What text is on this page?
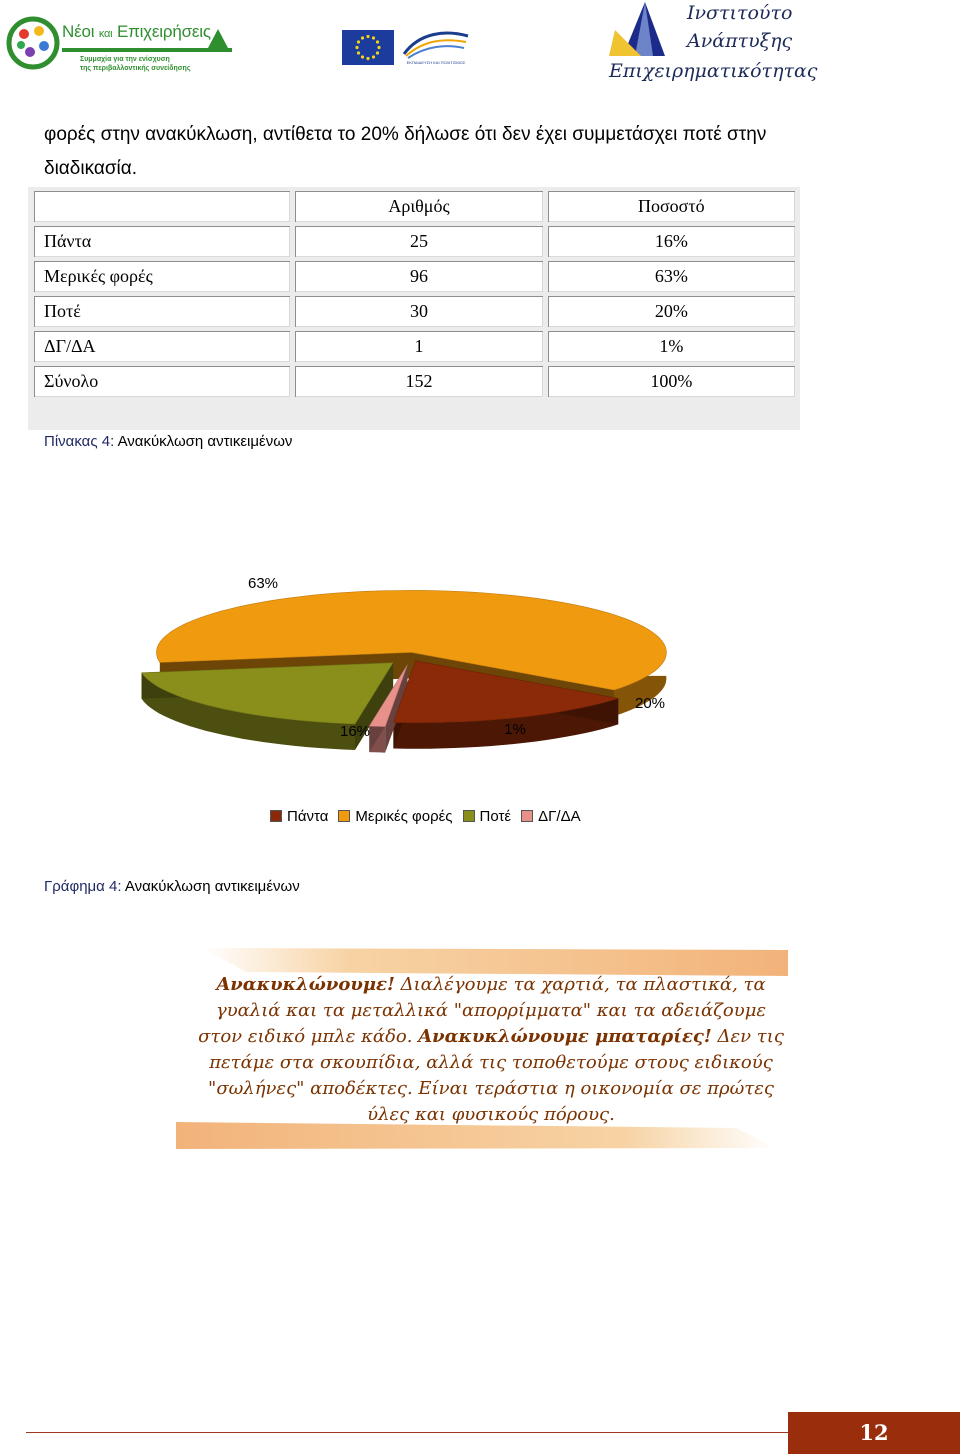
Νέοι και Επιχειρήσεις
Συμμαχία για την ενίσχυση
της περιβαλλοντικής συνείδησης
ΕΚΠΑΙΔΕΥΣΗ ΚΑΙ ΠΟΛΙΤΙΣΜΟΣ
Ινστιτούτο
Ανάπτυξης
Επιχειρηματικότητας
φορές στην ανακύκλωση, αντίθετα το 20% δήλωσε ότι δεν έχει συμμετάσχει ποτέ στην διαδικασία.
	Αριθμός	Ποσοστό
Πάντα	25	16%
Μερικές φορές	96	63%
Ποτέ	30	20%
ΔΓ/ΔΑ	1	1%
Σύνολο	152	100%
Πίνακας 4: Ανακύκλωση αντικειμένων
16%
63%
20%
1%
Πάντα Μερικές φορές Ποτέ ΔΓ/ΔΑ
Γράφημα 4: Ανακύκλωση αντικειμένων
Ανακυκλώνουμε! Διαλέγουμε τα χαρτιά, τα πλαστικά, τα γυαλιά και τα μεταλλικά "απορρίμματα" και τα αδειάζουμε στον ειδικό μπλε κάδο. Ανακυκλώνουμε μπαταρίες! Δεν τις πετάμε στα σκουπίδια, αλλά τις τοποθετούμε στους ειδικούς "σωλήνες" αποδέκτες. Είναι τεράστια η οικονομία σε πρώτες ύλες και φυσικούς πόρους.
12
